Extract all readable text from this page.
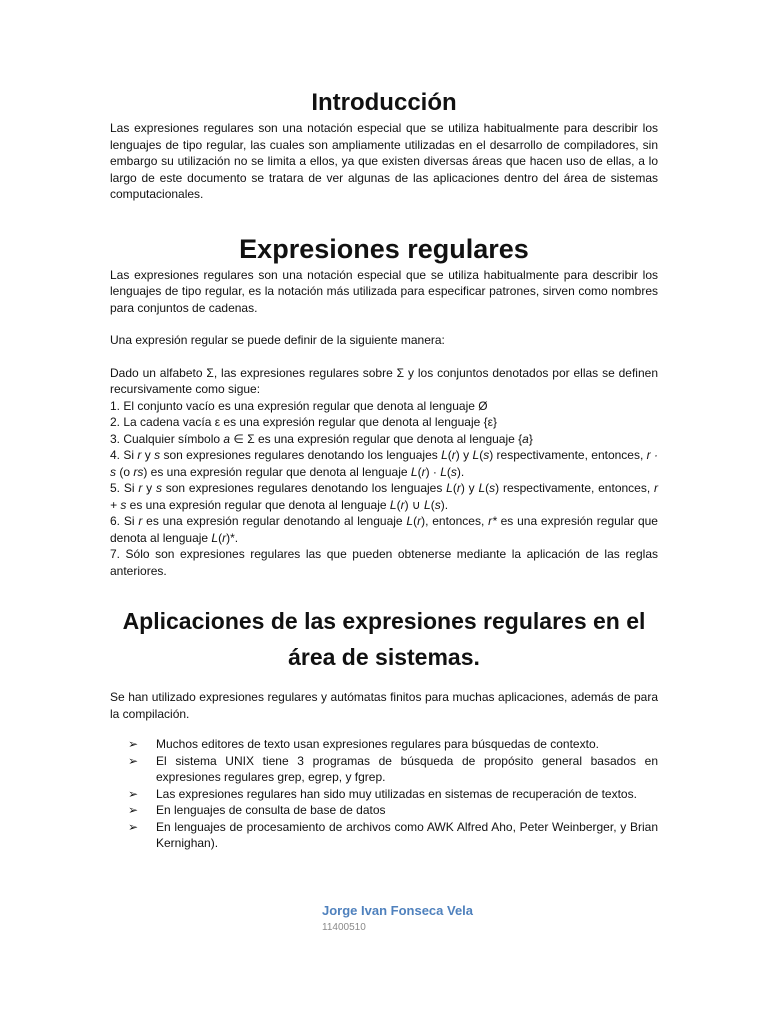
Introducción

Las expresiones regulares son una notación especial que se utiliza habitualmente para describir los lenguajes de tipo regular, las cuales son ampliamente utilizadas en el desarrollo de compiladores, sin embargo su utilización no se limita a ellos, ya que existen diversas áreas que hacen uso de ellas, a lo largo de este documento se tratara de ver algunas de las aplicaciones dentro del área de sistemas computacionales.

Expresiones regulares

Las expresiones regulares son una notación especial que se utiliza habitualmente para describir los lenguajes de tipo regular, es la notación más utilizada para especificar patrones, sirven como nombres para conjuntos de cadenas.

Una expresión regular se puede definir de la siguiente manera:

Dado un alfabeto Σ, las expresiones regulares sobre Σ y los conjuntos denotados por ellas se definen recursivamente como sigue:

1. El conjunto vacío es una expresión regular que denota al lenguaje Ø
2. La cadena vacía ε es una expresión regular que denota al lenguaje {ε}
3. Cualquier símbolo a ∈ Σ es una expresión regular que denota al lenguaje {a}
4. Si r y s son expresiones regulares denotando los lenguajes L(r) y L(s) respectivamente, entonces, r · s (o rs) es una expresión regular que denota al lenguaje L(r) · L(s).
5. Si r y s son expresiones regulares denotando los lenguajes L(r) y L(s) respectivamente, entonces, r + s es una expresión regular que denota al lenguaje L(r) ∪ L(s).
6. Si r es una expresión regular denotando al lenguaje L(r), entonces, r* es una expresión regular que denota al lenguaje L(r)*.
7. Sólo son expresiones regulares las que pueden obtenerse mediante la aplicación de las reglas anteriores.
Aplicaciones de las expresiones regulares en el área de sistemas.

Se han utilizado expresiones regulares y autómatas finitos para muchas aplicaciones, además de para la compilación.

➢	Muchos editores de texto usan expresiones regulares para búsquedas de contexto.
➢	El sistema UNIX tiene 3 programas de búsqueda de propósito general basados en expresiones regulares grep, egrep, y fgrep.
➢	Las expresiones regulares han sido muy utilizadas en sistemas de recuperación de textos.
➢	En lenguajes de consulta de base de datos
➢	En lenguajes de procesamiento de archivos como AWK Alfred Aho, Peter Weinberger, y Brian Kernighan).
Jorge Ivan Fonseca Vela
11400510
